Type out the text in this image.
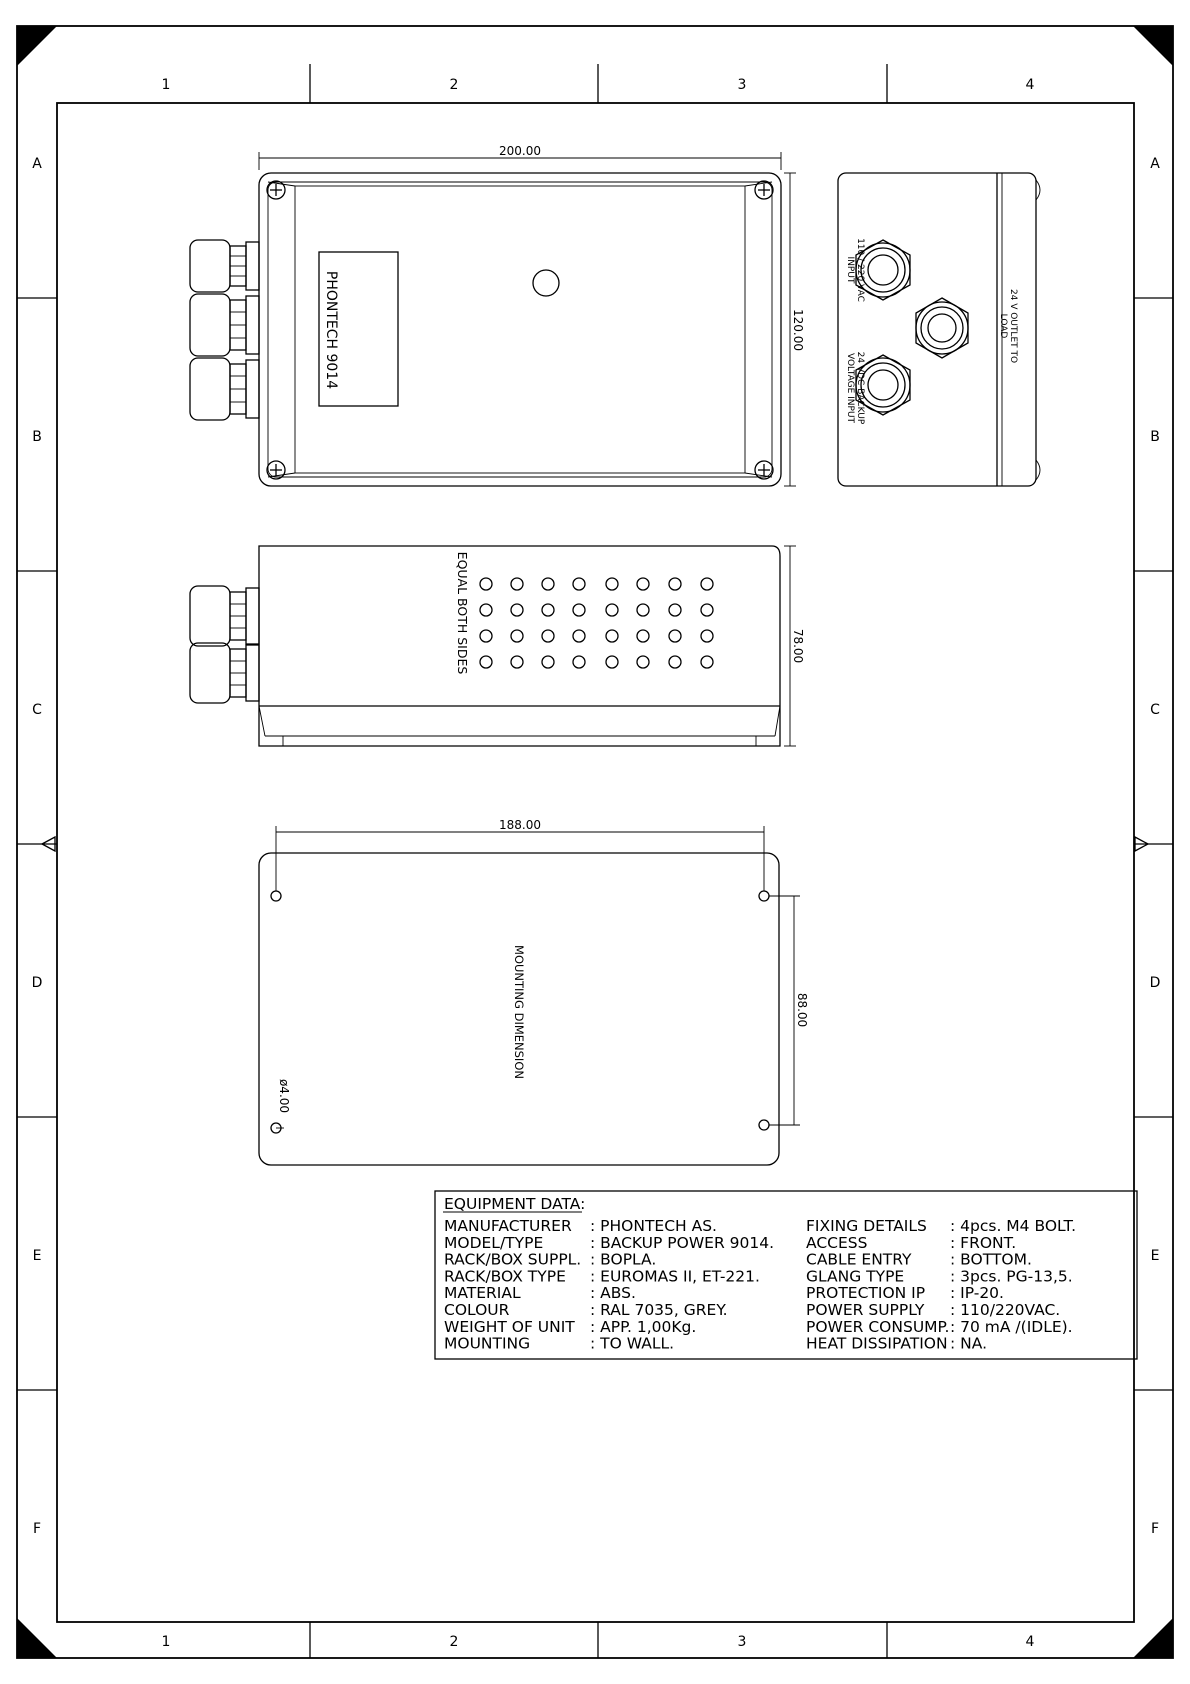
1	2	3	4
1	2	3	4
A
B
C
D
E
F
A
B
C
D
E
F
200.00
120.00
PHONTECH 9014
110 / 220 VAC
INPUT
24 VDC BACKUP
VOLTAGE INPUT
24 V OUTLET TO
LOAD
78.00
EQUAL BOTH SIDES
188.00
88.00
ø4.00
MOUNTING DIMENSION
EQUIPMENT DATA:
MANUFACTURER : PHONTECH AS.
MODEL/TYPE	: BACKUP POWER 9014.
RACK/BOX SUPPL. : BOPLA.
RACK/BOX TYPE : EUROMAS II, ET-221.
MATERIAL	: ABS.
COLOUR	: RAL 7035, GREY.
WEIGHT OF UNIT : APP. 1,00Kg.
MOUNTING	: TO WALL.
FIXING DETAILS : 4pcs. M4 BOLT.
ACCESS	: FRONT.
CABLE ENTRY : BOTTOM.
GLANG TYPE	: 3pcs. PG-13,5.
PROTECTION IP : IP-20.
POWER SUPPLY : 110/220VAC.
POWER CONSUMP. : 70 mA /(IDLE).
HEAT DISSIPATION : NA.
